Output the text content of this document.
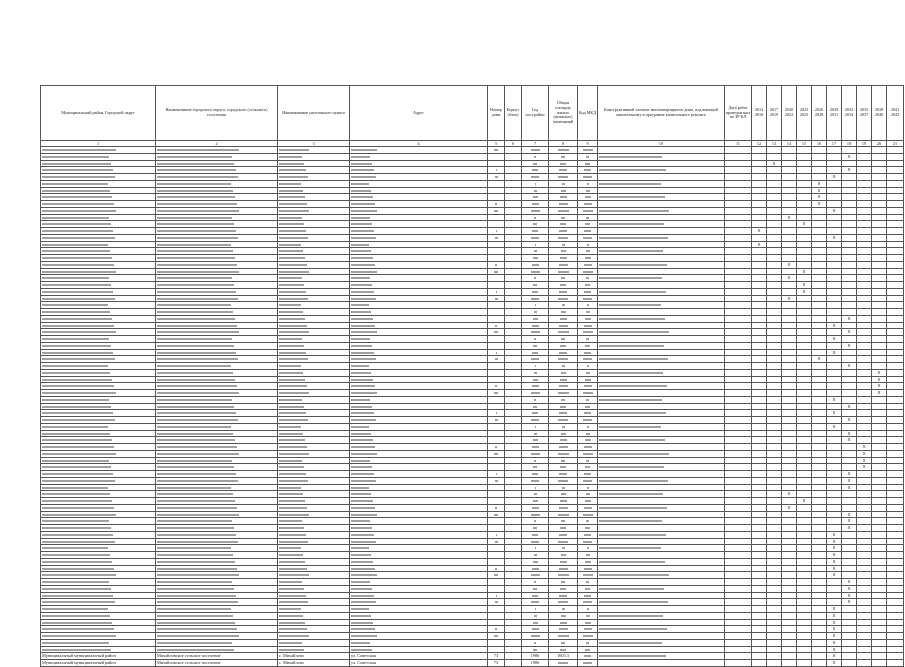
Муниципальный район, Городской округ	Наименование городского округа, городского (сельского) поселения	Наименование населенного пункта	Адрес	Номер дома	Корпус (блок)	Год постройки	Общая площадь жилых (нежилых) помещений	Код МКД	Конструктивный элемент многоквартирного дома, подлежащий капитальному в программе капитального ремонта	Дата работ проведен ных по ЗР КЛ	2014 2016	2017 2019	2020 2022	2023 2025	2026 2028	2029 2031	2032 2034	2035 2037	2038 2040	2041 2043
1	2	3	4	5	6	7	8	9	10	11	12	13	14	15	16	17	18	19	20	21

																	X			
												X								
																	X			
																X				
															X					
															X					
															X					
															X					
																X				
													X							
														X						
											X									
																X				
											X									

													X							
														X						
													X							
														X						
														X						
													X							

																	X			
																X				
																	X			
																X				
																	X			
																X				
															X					
																	X			
																			X	
																			X	
																			X	
																			X	
																X				
																	X			
																X				
																	X			
																X				
																	X			
																	X			
																		X		
																		X		
																		X		
																		X		
																	X			
																	X			
																	X			
													X							
														X						
													X							
																	X			
																	X			
																	X			
																X				
																X				
																X				
																X				
																X				
																X				
																X				
																	X			
																	X			
																	X			
																	X			
																X				
																X				
																X				
																X				
																X				
																X				
																X				
Муниципальный муниципальный район	Михайловское сельское поселение	с. Михайлово	ул. Советская	73		1986	1603,3									X				
Муниципальный муниципальный район	Михайловское сельское поселение	с. Михайлово	ул. Советская	73		1986										X				
